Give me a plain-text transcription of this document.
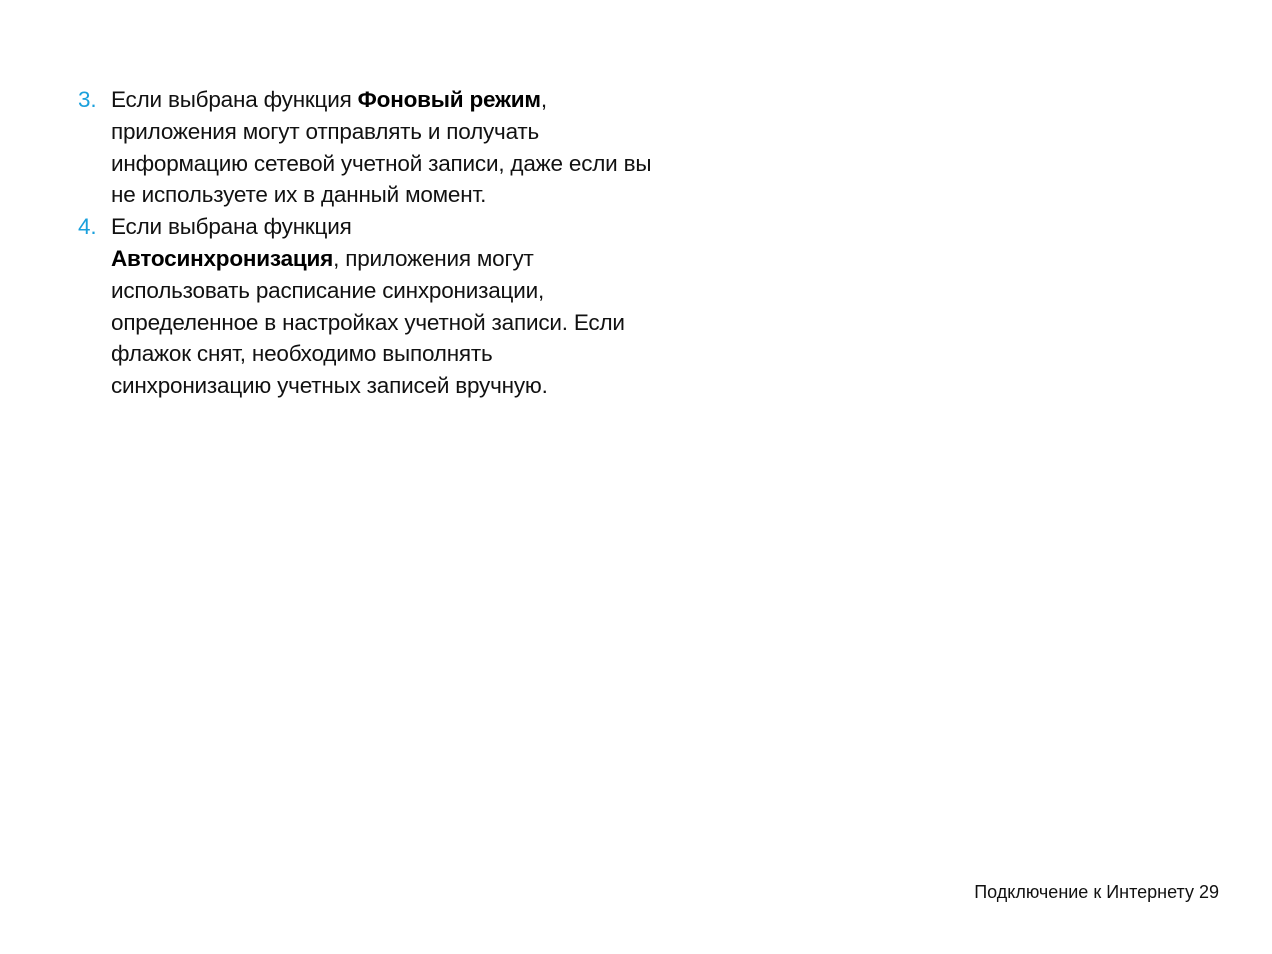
3. Если выбрана функция Фоновый режим, приложения могут отправлять и получать информацию сетевой учетной записи, даже если вы не используете их в данный момент.
4. Если выбрана функция
Автосинхронизация, приложения могут использовать расписание синхронизации, определенное в настройках учетной записи. Если флажок снят, необходимо выполнять синхронизацию учетных записей вручную.
Подключение к Интернету 29
